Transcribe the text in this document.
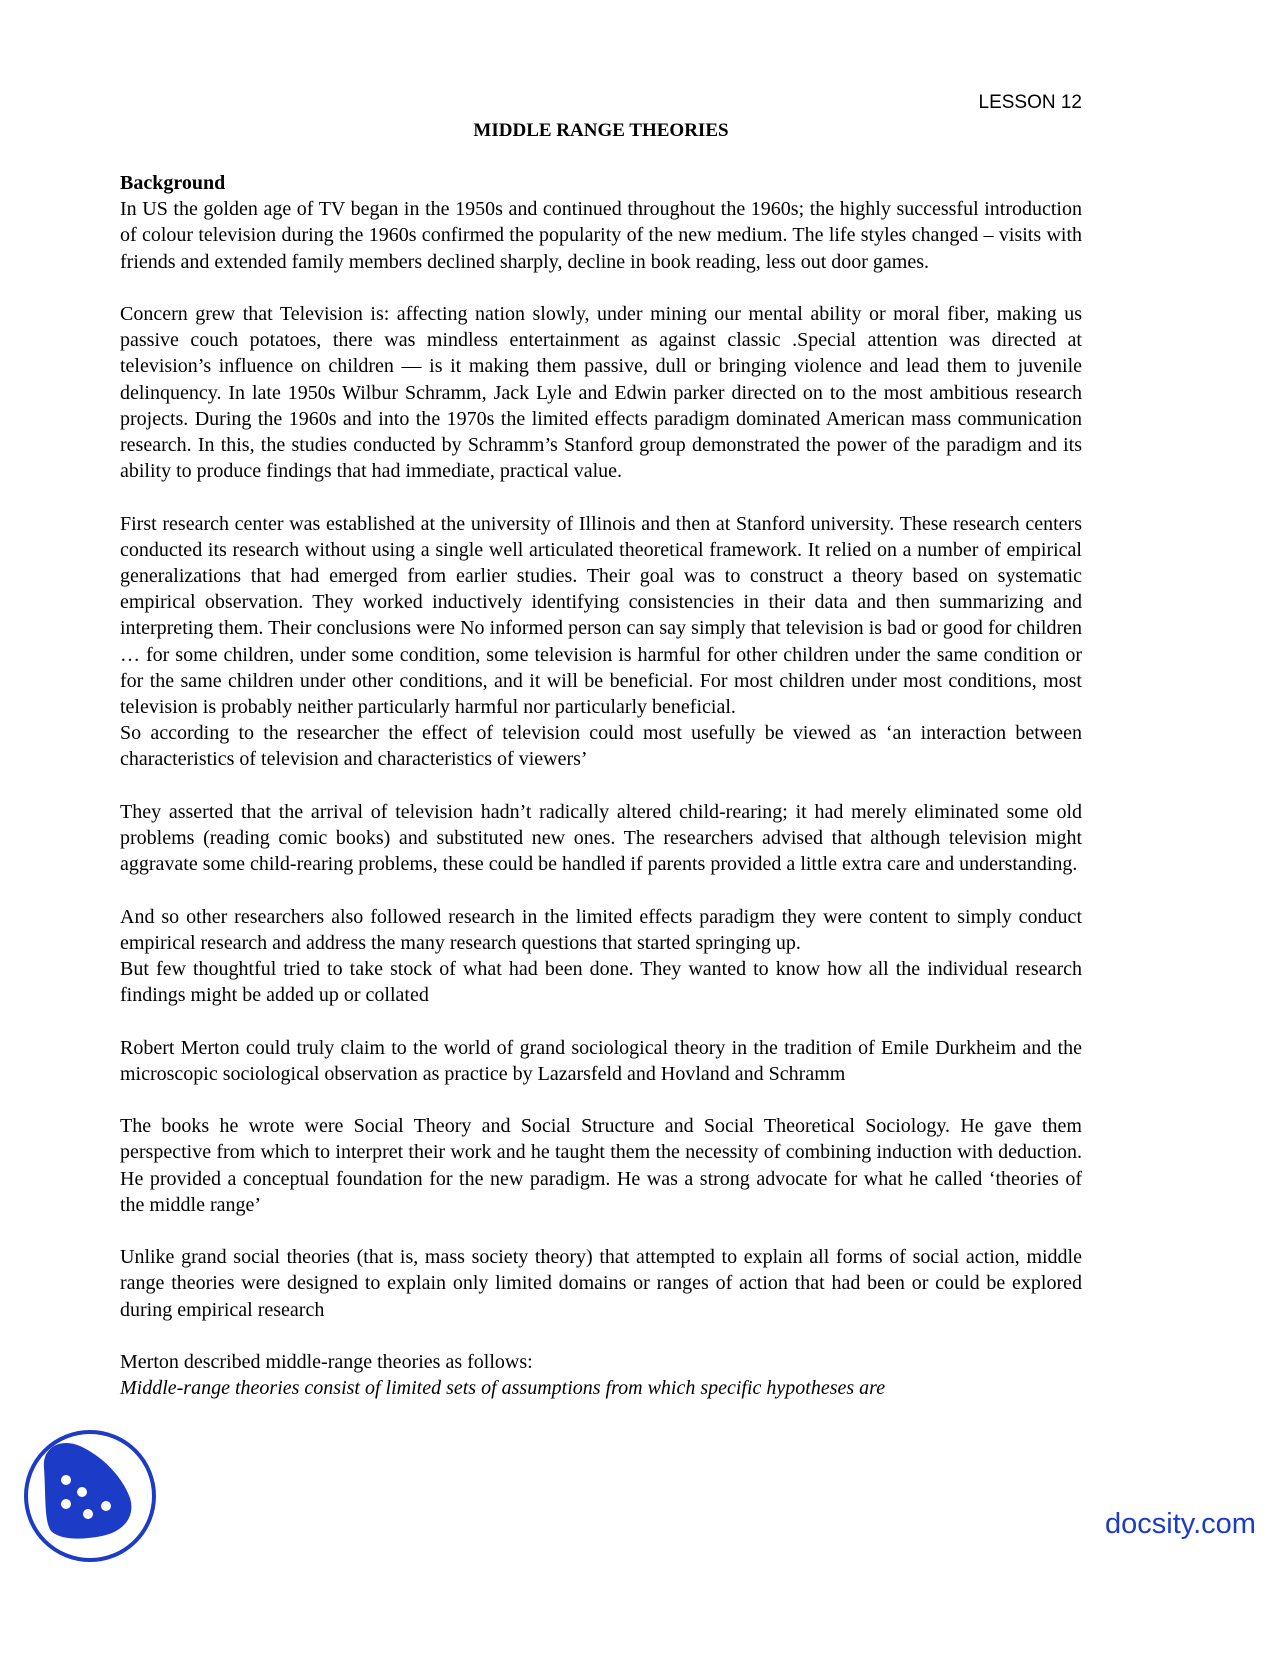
LESSON 12

MIDDLE RANGE THEORIES
Background

In US the golden age of TV began in the 1950s and continued throughout the 1960s; the highly successful introduction of colour television during the 1960s confirmed the popularity of the new medium. The life styles changed – visits with friends and extended family members declined sharply, decline in book reading, less out door games.

Concern grew that Television is: affecting nation slowly, under mining our mental ability or moral fiber, making us passive couch potatoes, there was mindless entertainment as against classic .Special attention was directed at television’s influence on children — is it making them passive, dull or bringing violence and lead them to juvenile delinquency. In late 1950s Wilbur Schramm, Jack Lyle and Edwin parker directed on to the most ambitious research projects. During the 1960s and into the 1970s the limited effects paradigm dominated American mass communication research. In this, the studies conducted by Schramm’s Stanford group demonstrated the power of the paradigm and its ability to produce findings that had immediate, practical value.

First research center was established at the university of Illinois and then at Stanford university. These research centers conducted its research without using a single well articulated theoretical framework. It relied on a number of empirical generalizations that had emerged from earlier studies. Their goal was to construct a theory based on systematic empirical observation. They worked inductively identifying consistencies in their data and then summarizing and interpreting them. Their conclusions were No informed person can say simply that television is bad or good for children … for some children, under some condition, some television is harmful for other children under the same condition or for the same children under other conditions, and it will be beneficial. For most children under most conditions, most television is probably neither particularly harmful nor particularly beneficial.

So according to the researcher the effect of television could most usefully be viewed as ‘an interaction between characteristics of television and characteristics of viewers’

They asserted that the arrival of television hadn’t radically altered child-rearing; it had merely eliminated some old problems (reading comic books) and substituted new ones. The researchers advised that although television might aggravate some child-rearing problems, these could be handled if parents provided a little extra care and understanding.

And so other researchers also followed research in the limited effects paradigm they were content to simply conduct empirical research and address the many research questions that started springing up.

But few thoughtful tried to take stock of what had been done. They wanted to know how all the individual research findings might be added up or collated

Robert Merton could truly claim to the world of grand sociological theory in the tradition of Emile Durkheim and the microscopic sociological observation as practice by Lazarsfeld and Hovland and Schramm

The books he wrote were Social Theory and Social Structure and Social Theoretical Sociology. He gave them perspective from which to interpret their work and he taught them the necessity of combining induction with deduction. He provided a conceptual foundation for the new paradigm. He was a strong advocate for what he called ‘theories of the middle range’

Unlike grand social theories (that is, mass society theory) that attempted to explain all forms of social action, middle range theories were designed to explain only limited domains or ranges of action that had been or could be explored during empirical research

Merton described middle-range theories as follows:

Middle-range theories consist of limited sets of assumptions from which specific hypotheses are

docsity.com
